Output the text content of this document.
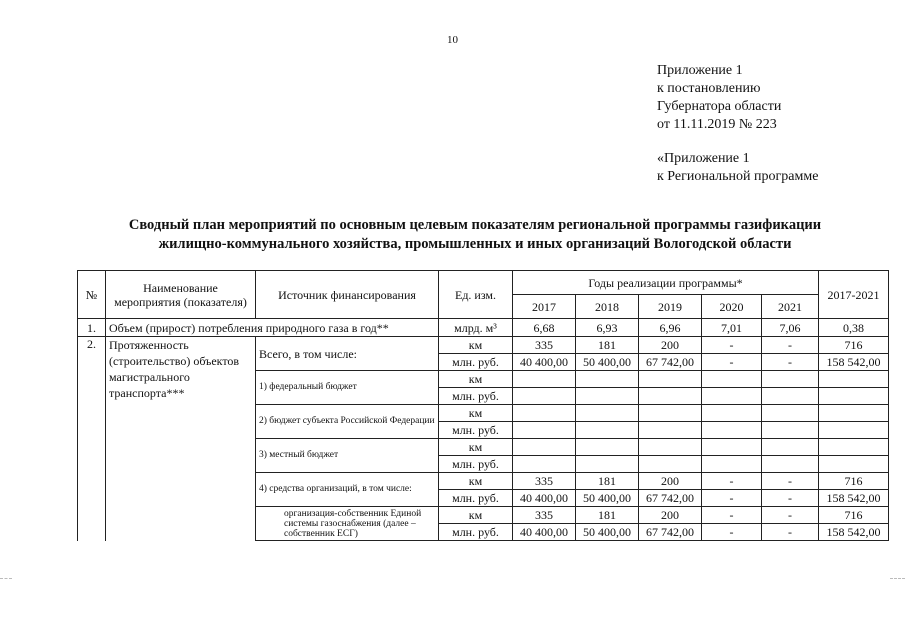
10
Приложение 1
к постановлению
Губернатора области
от 11.11.2019 № 223
«Приложение 1
к Региональной программе
Сводный план мероприятий по основным целевым показателям региональной программы газификации
жилищно-коммунального хозяйства, промышленных и иных организаций Вологодской области
№	Наименование мероприятия (показателя)	Источник финансирования	Ед. изм.	Годы реализации программы*					2017-2021
				2017	2018	2019	2020	2021	
1.	Объем (прирост) потребления природного газа в год**		млрд. м³	6,68	6,93	6,96	7,01	7,06	0,38
2.	Протяженность (строительство) объектов магистрального транспорта***	Всего, в том числе:	км	335	181	200	-	-	716
			млн. руб.	40 400,00	50 400,00	67 742,00	-	-	158 542,00
		1) федеральный бюджет	км						
			млн. руб.						
		2) бюджет субъекта Российской Федерации	км						
			млн. руб.						
		3) местный бюджет	км						
			млн. руб.						
		4) средства организаций, в том числе:	км	335	181	200	-	-	716
			млн. руб.	40 400,00	50 400,00	67 742,00	-	-	158 542,00
		организация-собственник Единой системы газоснабжения (далее – собственник ЕСГ)	км	335	181	200	-	-	716
			млн. руб.	40 400,00	50 400,00	67 742,00	-	-	158 542,00
